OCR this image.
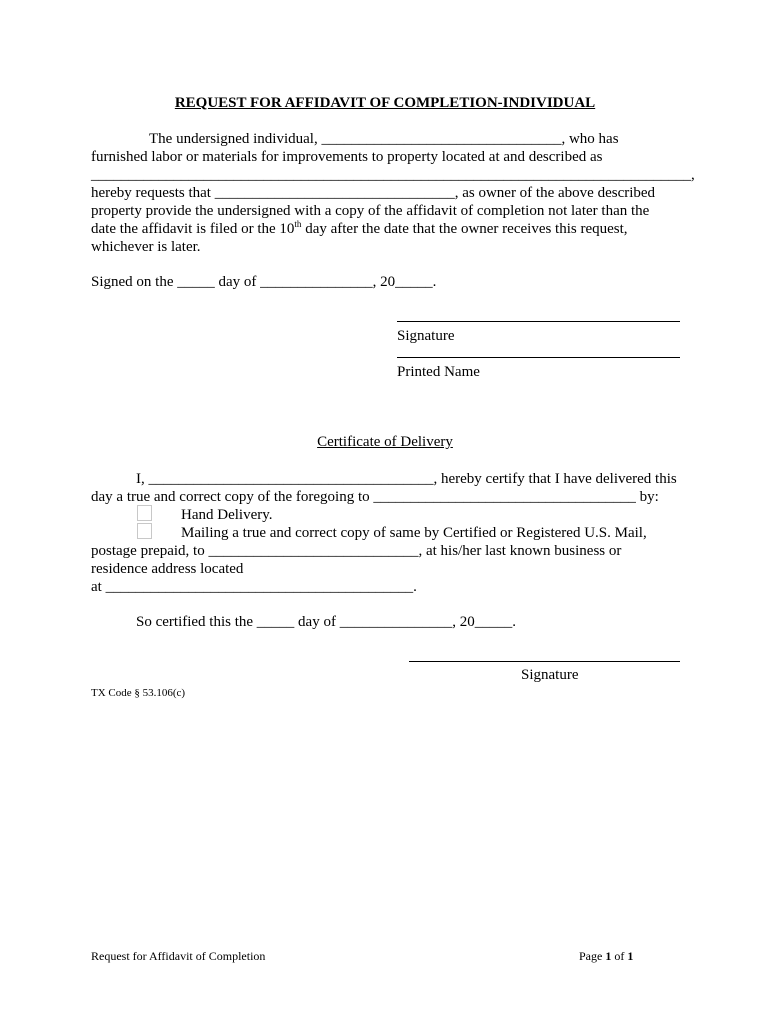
REQUEST FOR AFFIDAVIT OF COMPLETION-INDIVIDUAL
The undersigned individual, ________________________________, who has
furnished labor or materials for improvements to property located at and described as
________________________________________________________________________________,
hereby requests that ________________________________, as owner of the above described
property provide the undersigned with a copy of the affidavit of completion not later than the
date the affidavit is filed or the 10th day after the date that the owner receives this request,
whichever is later.
Signed on the _____ day of _______________, 20_____.
Signature
Printed Name
Certificate of Delivery
I, ______________________________________, hereby certify that I have delivered this
day a true and correct copy of the foregoing to ___________________________________ by:
Hand Delivery.
Mailing a true and correct copy of same by Certified or Registered U.S. Mail,
postage prepaid, to ____________________________, at his/her last known business or
residence address located
at _________________________________________.
So certified this the _____ day of _______________, 20_____.
Signature
TX Code § 53.106(c)
Request for Affidavit of Completion	Page 1 of 1
